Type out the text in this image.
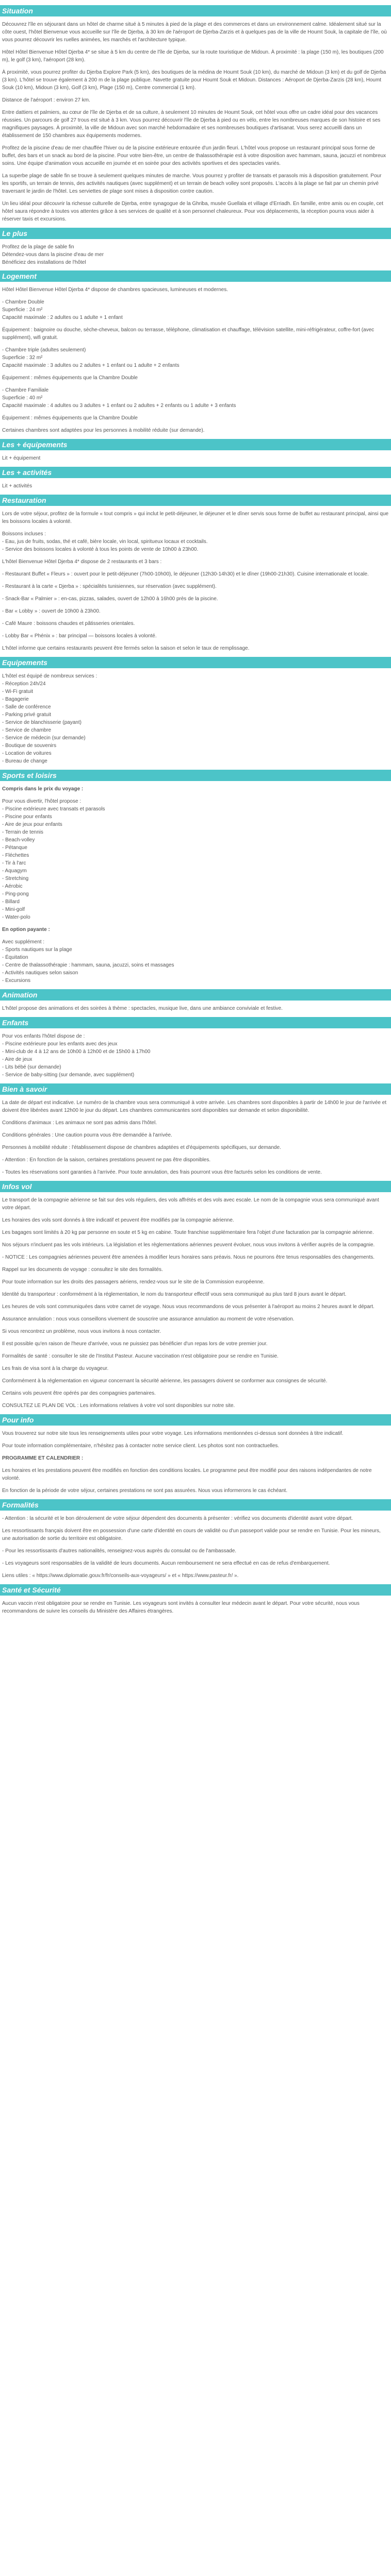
Situation

Découvrez l'île en séjourant dans un hôtel de charme situé à 5 minutes à pied de la plage et des commerces et dans un environnement calme. Idéalement situé sur la côte ouest, l'hôtel Bienvenue vous accueille sur l'île de Djerba, à 30 km de l'aéroport de Djerba-Zarzis et à quelques pas de la ville de Houmt Souk, la capitale de l'île, où vous pourrez découvrir les ruelles animées, les marchés et l'architecture typique.

Hôtel Hôtel Bienvenue Hôtel Djerba 4* se situe à 5 km du centre de l'île de Djerba, sur la route touristique de Midoun. À proximité : la plage (150 m), les boutiques (200 m), le golf (3 km), l'aéroport (28 km).

À proximité, vous pourrez profiter du Djerba Explore Park (5 km), des boutiques de la médina de Houmt Souk (10 km), du marché de Midoun (3 km) et du golf de Djerba (3 km). L'hôtel se trouve également à 200 m de la plage publique. Navette gratuite pour Houmt Souk et Midoun. Distances : Aéroport de Djerba-Zarzis (28 km), Houmt Souk (10 km), Midoun (3 km), Golf (3 km), Plage (150 m), Centre commercial (1 km).

Distance de l'aéroport : environ 27 km.

Entre dattiers et palmiers, au cœur de l'île de Djerba et de sa culture, à seulement 10 minutes de Houmt Souk, cet hôtel vous offre un cadre idéal pour des vacances réussies. Un parcours de golf 27 trous est situé à 3 km. Vous pourrez découvrir l'île de Djerba à pied ou en vélo, entre les nombreuses marques de son histoire et ses magnifiques paysages. À proximité, la ville de Midoun avec son marché hebdomadaire et ses nombreuses boutiques d'artisanat. Vous serez accueilli dans un établissement de 150 chambres aux équipements modernes.

Profitez de la piscine d'eau de mer chauffée l'hiver ou de la piscine extérieure entourée d'un jardin fleuri. L'hôtel vous propose un restaurant principal sous forme de buffet, des bars et un snack au bord de la piscine. Pour votre bien-être, un centre de thalassothérapie est à votre disposition avec hammam, sauna, jacuzzi et nombreux soins. Une équipe d'animation vous accueille en journée et en soirée pour des activités sportives et des spectacles variés.

La superbe plage de sable fin se trouve à seulement quelques minutes de marche. Vous pourrez y profiter de transats et parasols mis à disposition gratuitement. Pour les sportifs, un terrain de tennis, des activités nautiques (avec supplément) et un terrain de beach volley sont proposés. L'accès à la plage se fait par un chemin privé traversant le jardin de l'hôtel. Les serviettes de plage sont mises à disposition contre caution.

Un lieu idéal pour découvrir la richesse culturelle de Djerba, entre synagogue de la Ghriba, musée Guellala et village d'Erriadh. En famille, entre amis ou en couple, cet hôtel saura répondre à toutes vos attentes grâce à ses services de qualité et à son personnel chaleureux. Pour vos déplacements, la réception pourra vous aider à réserver taxis et excursions.

Le plus
Profitez de la plage de sable fin
Détendez-vous dans la piscine d'eau de mer
Bénéficiez des installations de l'hôtel
Logement

Hôtel Hôtel Bienvenue Hôtel Djerba 4* dispose de chambres spacieuses, lumineuses et modernes.

- Chambre Double
Superficie : 24 m²
Capacité maximale : 2 adultes ou 1 adulte + 1 enfant

Équipement : baignoire ou douche, sèche-cheveux, balcon ou terrasse, téléphone, climatisation et chauffage, télévision satellite, mini-réfrigérateur, coffre-fort (avec supplément), wifi gratuit.

- Chambre triple (adultes seulement)
Superficie : 32 m²
Capacité maximale : 3 adultes ou 2 adultes + 1 enfant ou 1 adulte + 2 enfants

Équipement : mêmes équipements que la Chambre Double

- Chambre Familiale
Superficie : 40 m²
Capacité maximale : 4 adultes ou 3 adultes + 1 enfant ou 2 adultes + 2 enfants ou 1 adulte + 3 enfants

Équipement : mêmes équipements que la Chambre Double

Certaines chambres sont adaptées pour les personnes à mobilité réduite (sur demande).

Les + équipements

Lit + équipement

Les + activités

Lit + activités

Restauration

Lors de votre séjour, profitez de la formule « tout compris » qui inclut le petit-déjeuner, le déjeuner et le dîner servis sous forme de buffet au restaurant principal, ainsi que les boissons locales à volonté.

Boissons incluses :
- Eau, jus de fruits, sodas, thé et café, bière locale, vin local, spiritueux locaux et cocktails.
- Service des boissons locales à volonté à tous les points de vente de 10h00 à 23h00.

L'hôtel Bienvenue Hôtel Djerba 4* dispose de 2 restaurants et 3 bars :

- Restaurant Buffet « Fleurs » : ouvert pour le petit-déjeuner (7h00-10h00), le déjeuner (12h30-14h30) et le dîner (19h00-21h30). Cuisine internationale et locale.

- Restaurant à la carte « Djerba » : spécialités tunisiennes, sur réservation (avec supplément).

- Snack-Bar « Palmier » : en-cas, pizzas, salades, ouvert de 12h00 à 16h00 près de la piscine.

- Bar « Lobby » : ouvert de 10h00 à 23h00.

- Café Maure : boissons chaudes et pâtisseries orientales.

- Lobby Bar « Phénix » : bar principal — boissons locales à volonté.

L'hôtel informe que certains restaurants peuvent être fermés selon la saison et selon le taux de remplissage.

Equipements

L'hôtel est équipé de nombreux services :
- Réception 24h/24
- Wi-Fi gratuit
- Bagagerie
- Salle de conférence
- Parking privé gratuit
- Service de blanchisserie (payant)
- Service de chambre
- Service de médecin (sur demande)
- Boutique de souvenirs
- Location de voitures
- Bureau de change

Sports et loisirs

Compris dans le prix du voyage :

Pour vous divertir, l'hôtel propose :
- Piscine extérieure avec transats et parasols
- Piscine pour enfants
- Aire de jeux pour enfants
- Terrain de tennis
- Beach-volley
- Pétanque
- Fléchettes
- Tir à l'arc
- Aquagym
- Stretching
- Aérobic
- Ping-pong
- Billard
- Mini-golf
- Water-polo

En option payante :

Avec supplément :
- Sports nautiques sur la plage
- Équitation
- Centre de thalassothérapie : hammam, sauna, jacuzzi, soins et massages
- Activités nautiques selon saison
- Excursions

Animation

L'hôtel propose des animations et des soirées à thème : spectacles, musique live, dans une ambiance conviviale et festive.

Enfants

Pour vos enfants l'hôtel dispose de :
- Piscine extérieure pour les enfants avec des jeux
- Mini-club de 4 à 12 ans de 10h00 à 12h00 et de 15h00 à 17h00
- Aire de jeux
- Lits bébé (sur demande)
- Service de baby-sitting (sur demande, avec supplément)

Bien à savoir

La date de départ est indicative. Le numéro de la chambre vous sera communiqué à votre arrivée. Les chambres sont disponibles à partir de 14h00 le jour de l'arrivée et doivent être libérées avant 12h00 le jour du départ. Les chambres communicantes sont disponibles sur demande et selon disponibilité.

Conditions d'animaux : Les animaux ne sont pas admis dans l'hôtel.

Conditions générales : Une caution pourra vous être demandée à l'arrivée.

Personnes à mobilité réduite : l'établissement dispose de chambres adaptées et d'équipements spécifiques, sur demande.

- Attention : En fonction de la saison, certaines prestations peuvent ne pas être disponibles.

- Toutes les réservations sont garanties à l'arrivée. Pour toute annulation, des frais pourront vous être facturés selon les conditions de vente.

Infos vol

Le transport de la compagnie aérienne se fait sur des vols réguliers, des vols affrétés et des vols avec escale. Le nom de la compagnie vous sera communiqué avant votre départ.

Les horaires des vols sont donnés à titre indicatif et peuvent être modifiés par la compagnie aérienne.

Les bagages sont limités à 20 kg par personne en soute et 5 kg en cabine. Toute franchise supplémentaire fera l'objet d'une facturation par la compagnie aérienne.

Nos séjours n'incluent pas les vols intérieurs. La législation et les règlementations aériennes peuvent évoluer, nous vous invitons à vérifier auprès de la compagnie.

- NOTICE : Les compagnies aériennes peuvent être amenées à modifier leurs horaires sans préavis. Nous ne pourrons être tenus responsables des changements.

Rappel sur les documents de voyage : consultez le site des formalités.

Pour toute information sur les droits des passagers aériens, rendez-vous sur le site de la Commission européenne.

Identité du transporteur : conformément à la réglementation, le nom du transporteur effectif vous sera communiqué au plus tard 8 jours avant le départ.

Les heures de vols sont communiquées dans votre carnet de voyage. Nous vous recommandons de vous présenter à l'aéroport au moins 2 heures avant le départ.

Assurance annulation : nous vous conseillons vivement de souscrire une assurance annulation au moment de votre réservation.

Si vous rencontrez un problème, nous vous invitons à nous contacter.

Il est possible qu'en raison de l'heure d'arrivée, vous ne puissiez pas bénéficier d'un repas lors de votre premier jour.

Formalités de santé : consulter le site de l'Institut Pasteur. Aucune vaccination n'est obligatoire pour se rendre en Tunisie.

Les frais de visa sont à la charge du voyageur.

Conformément à la réglementation en vigueur concernant la sécurité aérienne, les passagers doivent se conformer aux consignes de sécurité.

Certains vols peuvent être opérés par des compagnies partenaires.

CONSULTEZ LE PLAN DE VOL : Les informations relatives à votre vol sont disponibles sur notre site.

Pour info

Vous trouverez sur notre site tous les renseignements utiles pour votre voyage. Les informations mentionnées ci-dessus sont données à titre indicatif.

Pour toute information complémentaire, n'hésitez pas à contacter notre service client. Les photos sont non contractuelles.

PROGRAMME ET CALENDRIER :

Les horaires et les prestations peuvent être modifiés en fonction des conditions locales. Le programme peut être modifié pour des raisons indépendantes de notre volonté.

En fonction de la période de votre séjour, certaines prestations ne sont pas assurées. Nous vous informerons le cas échéant.

Formalités

- Attention : la sécurité et le bon déroulement de votre séjour dépendent des documents à présenter : vérifiez vos documents d'identité avant votre départ.

Les ressortissants français doivent être en possession d'une carte d'identité en cours de validité ou d'un passeport valide pour se rendre en Tunisie. Pour les mineurs, une autorisation de sortie du territoire est obligatoire.

- Pour les ressortissants d'autres nationalités, renseignez-vous auprès du consulat ou de l'ambassade.

- Les voyageurs sont responsables de la validité de leurs documents. Aucun remboursement ne sera effectué en cas de refus d'embarquement.

Liens utiles : « https://www.diplomatie.gouv.fr/fr/conseils-aux-voyageurs/ » et « https://www.pasteur.fr/ ».

Santé et Sécurité

Aucun vaccin n'est obligatoire pour se rendre en Tunisie. Les voyageurs sont invités à consulter leur médecin avant le départ. Pour votre sécurité, nous vous recommandons de suivre les conseils du Ministère des Affaires étrangères.
